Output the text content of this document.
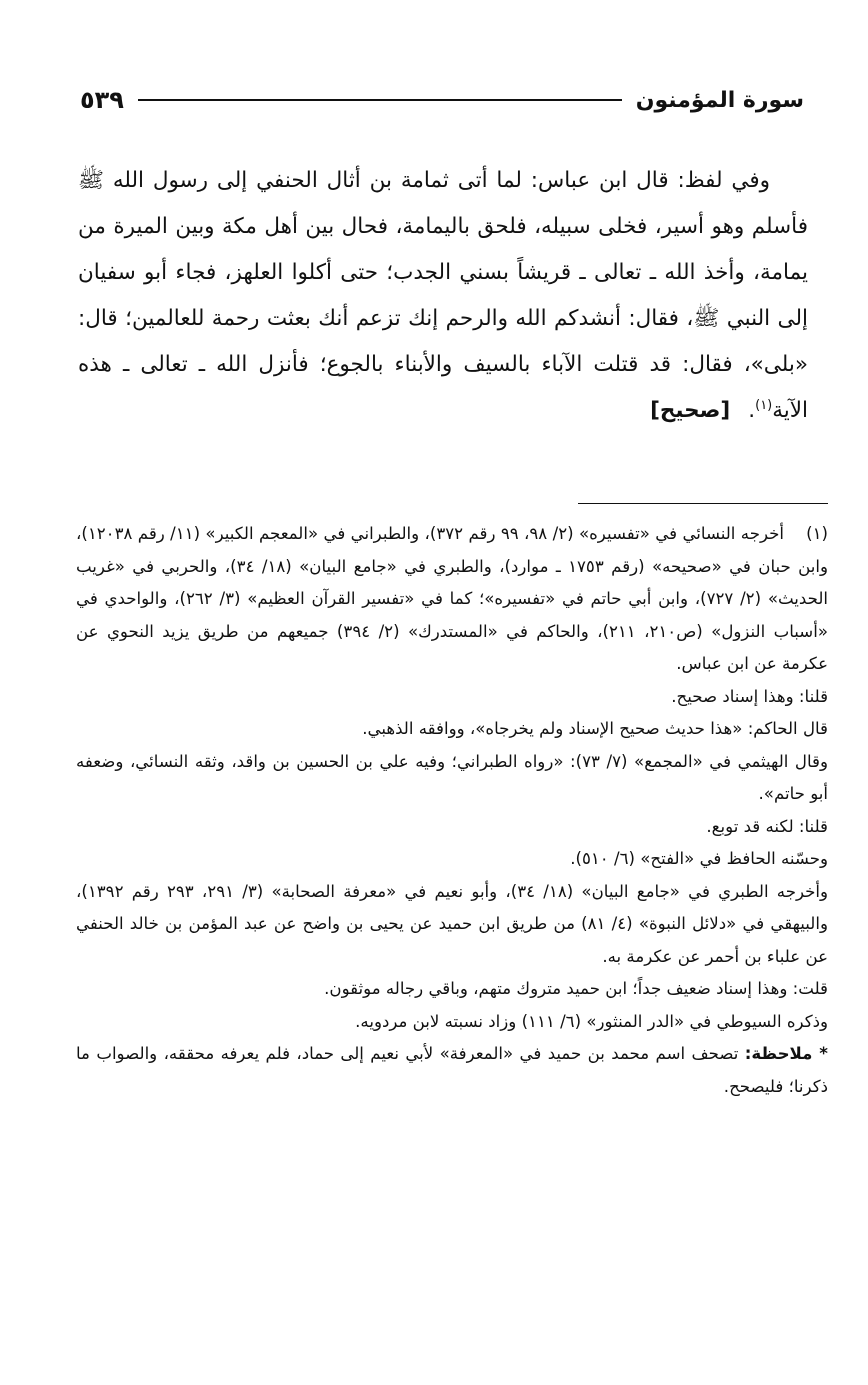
سورة المؤمنون
٥٣٩

وفي لفظ: قال ابن عباس: لما أتى ثمامة بن أثال الحنفي إلى رسول الله ﷺ فأسلم وهو أسير، فخلى سبيله، فلحق باليمامة، فحال بين أهل مكة وبين الميرة من يمامة، وأخذ الله ـ تعالى ـ قريشاً بسني الجدب؛ حتى أكلوا العلهز، فجاء أبو سفيان إلى النبي ﷺ، فقال: أنشدكم الله والرحم إنك تزعم أنك بعثت رحمة للعالمين؛ قال: «بلى»، فقال: قد قتلت الآباء بالسيف والأبناء بالجوع؛ فأنزل الله ـ تعالى ـ هذه الآية$^{(١)}$.[صحيح]

(١)أخرجه النسائي في «تفسيره» (٢/ ٩٨، ٩٩ رقم ٣٧٢)، والطبراني في «المعجم الكبير» (١١/ رقم ١٢٠٣٨)، وابن حبان في «صحيحه» (رقم ١٧٥٣ ـ موارد)، والطبري في «جامع البيان» (١٨/ ٣٤)، والحربي في «غريب الحديث» (٢/ ٧٢٧)، وابن أبي حاتم في «تفسيره»؛ كما في «تفسير القرآن العظيم» (٣/ ٢٦٢)، والواحدي في «أسباب النزول» (ص٢١٠، ٢١١)، والحاكم في «المستدرك» (٢/ ٣٩٤) جميعهم من طريق يزيد النحوي عن عكرمة عن ابن عباس.

قلنا: وهذا إسناد صحيح.

قال الحاكم: «هذا حديث صحيح الإسناد ولم يخرجاه»، ووافقه الذهبي.

وقال الهيثمي في «المجمع» (٧/ ٧٣): «رواه الطبراني؛ وفيه علي بن الحسين بن واقد، وثقه النسائي، وضعفه أبو حاتم».

قلنا: لكنه قد توبع.

وحسّنه الحافظ في «الفتح» (٦/ ٥١٠).

وأخرجه الطبري في «جامع البيان» (١٨/ ٣٤)، وأبو نعيم في «معرفة الصحابة» (٣/ ٢٩١، ٢٩٣ رقم ١٣٩٢)، والبيهقي في «دلائل النبوة» (٤/ ٨١) من طريق ابن حميد عن يحيى بن واضح عن عبد المؤمن بن خالد الحنفي عن علباء بن أحمر عن عكرمة به.

قلت: وهذا إسناد ضعيف جداً؛ ابن حميد متروك متهم، وباقي رجاله موثقون.

وذكره السيوطي في «الدر المنثور» (٦/ ١١١) وزاد نسبته لابن مردويه.

* ملاحظة: تصحف اسم محمد بن حميد في «المعرفة» لأبي نعيم إلى حماد، فلم يعرفه محققه، والصواب ما ذكرنا؛ فليصحح.
